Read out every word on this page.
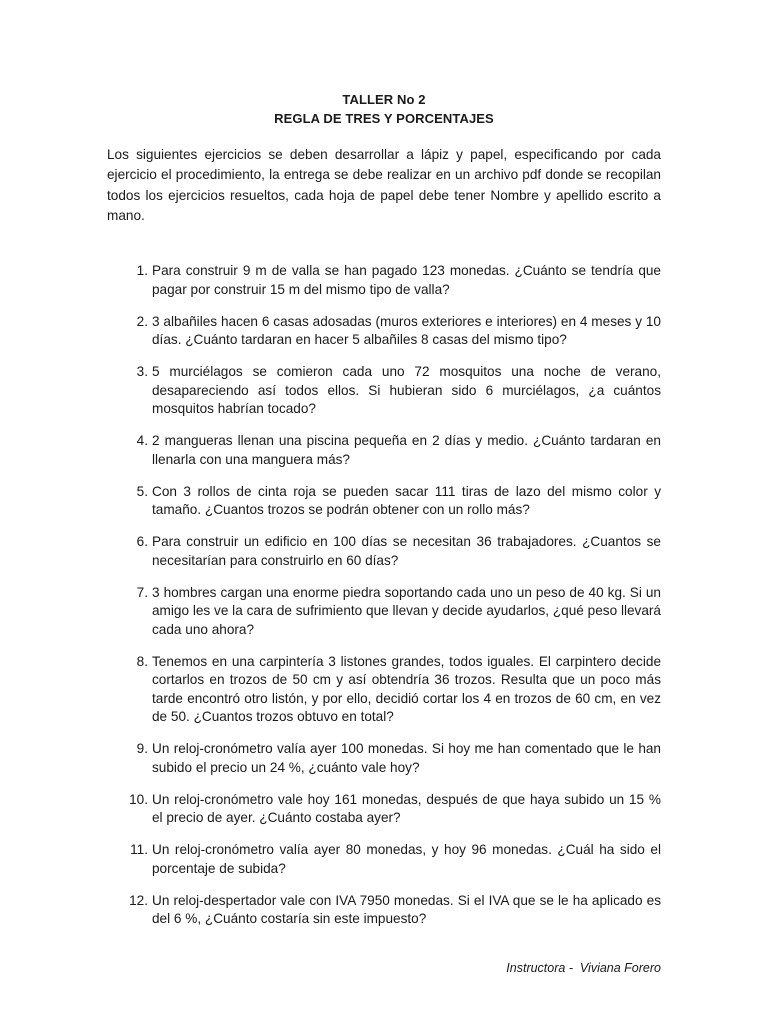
TALLER No 2
REGLA DE TRES Y PORCENTAJES

Los siguientes ejercicios se deben desarrollar a lápiz y papel, especificando por cada ejercicio el procedimiento, la entrega se debe realizar en un archivo pdf donde se recopilan todos los ejercicios resueltos, cada hoja de papel debe tener Nombre y apellido escrito a mano.

1. Para construir 9 m de valla se han pagado 123 monedas. ¿Cuánto se tendría que pagar por construir 15 m del mismo tipo de valla?
2. 3 albañiles hacen 6 casas adosadas (muros exteriores e interiores) en 4 meses y 10 días. ¿Cuánto tardaran en hacer 5 albañiles 8 casas del mismo tipo?
3. 5 murciélagos se comieron cada uno 72 mosquitos una noche de verano, desapareciendo así todos ellos. Si hubieran sido 6 murciélagos, ¿a cuántos mosquitos habrían tocado?
4. 2 mangueras llenan una piscina pequeña en 2 días y medio. ¿Cuánto tardaran en llenarla con una manguera más?
5. Con 3 rollos de cinta roja se pueden sacar 111 tiras de lazo del mismo color y tamaño. ¿Cuantos trozos se podrán obtener con un rollo más?
6. Para construir un edificio en 100 días se necesitan 36 trabajadores. ¿Cuantos se necesitarían para construirlo en 60 días?
7. 3 hombres cargan una enorme piedra soportando cada uno un peso de 40 kg. Si un amigo les ve la cara de sufrimiento que llevan y decide ayudarlos, ¿qué peso llevará cada uno ahora?
8. Tenemos en una carpintería 3 listones grandes, todos iguales. El carpintero decide cortarlos en trozos de 50 cm y así obtendría 36 trozos. Resulta que un poco más tarde encontró otro listón, y por ello, decidió cortar los 4 en trozos de 60 cm, en vez de 50. ¿Cuantos trozos obtuvo en total?
9. Un reloj-cronómetro valía ayer 100 monedas. Si hoy me han comentado que le han subido el precio un 24 %, ¿cuánto vale hoy?
10. Un reloj-cronómetro vale hoy 161 monedas, después de que haya subido un 15 % el precio de ayer. ¿Cuánto costaba ayer?
11. Un reloj-cronómetro valía ayer 80 monedas, y hoy 96 monedas. ¿Cuál ha sido el porcentaje de subida?
12. Un reloj-despertador vale con IVA 7950 monedas. Si el IVA que se le ha aplicado es del 6 %, ¿Cuánto costaría sin este impuesto?
Instructora -  Viviana Forero
